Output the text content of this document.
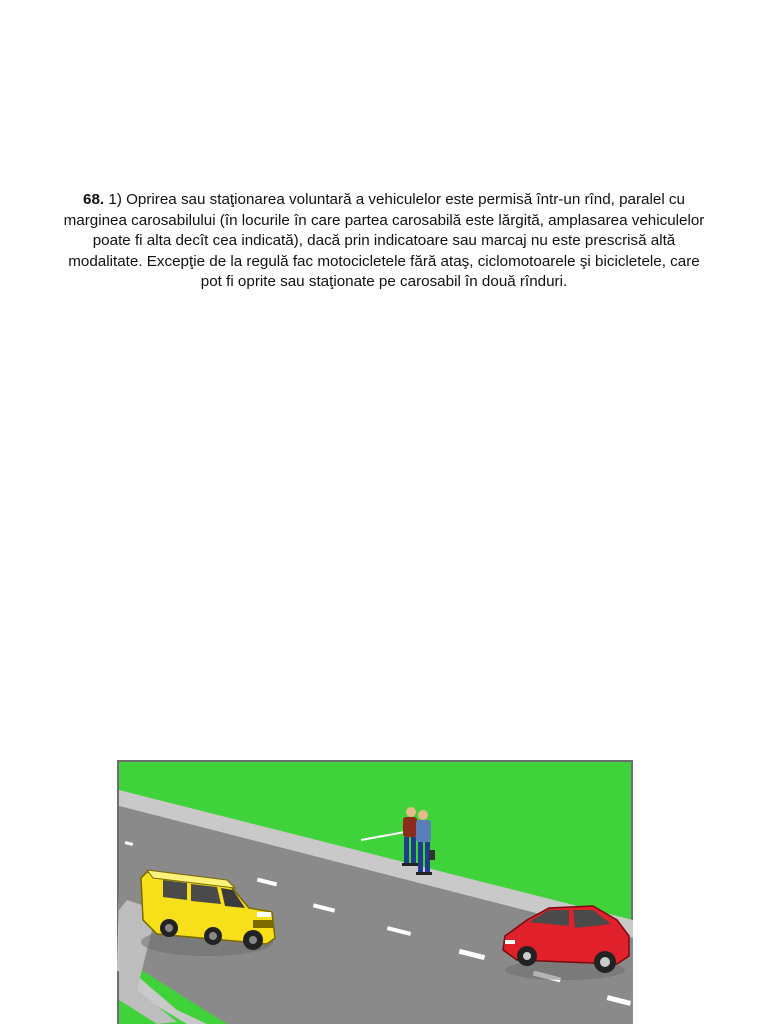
68. 1) Oprirea sau staţionarea voluntară a vehiculelor este permisă într-un rînd, paralel cu marginea carosabilului (în locurile în care partea carosabilă este lărgită, amplasarea vehiculelor poate fi alta decît cea indicată), dacă prin indicatoare sau marcaj nu este prescrisă altă modalitate. Excepţie de la regulă fac motocicletele fără ataş, ciclomotoarele şi bicicletele, care pot fi oprite sau staţionate pe carosabil în două rînduri.
